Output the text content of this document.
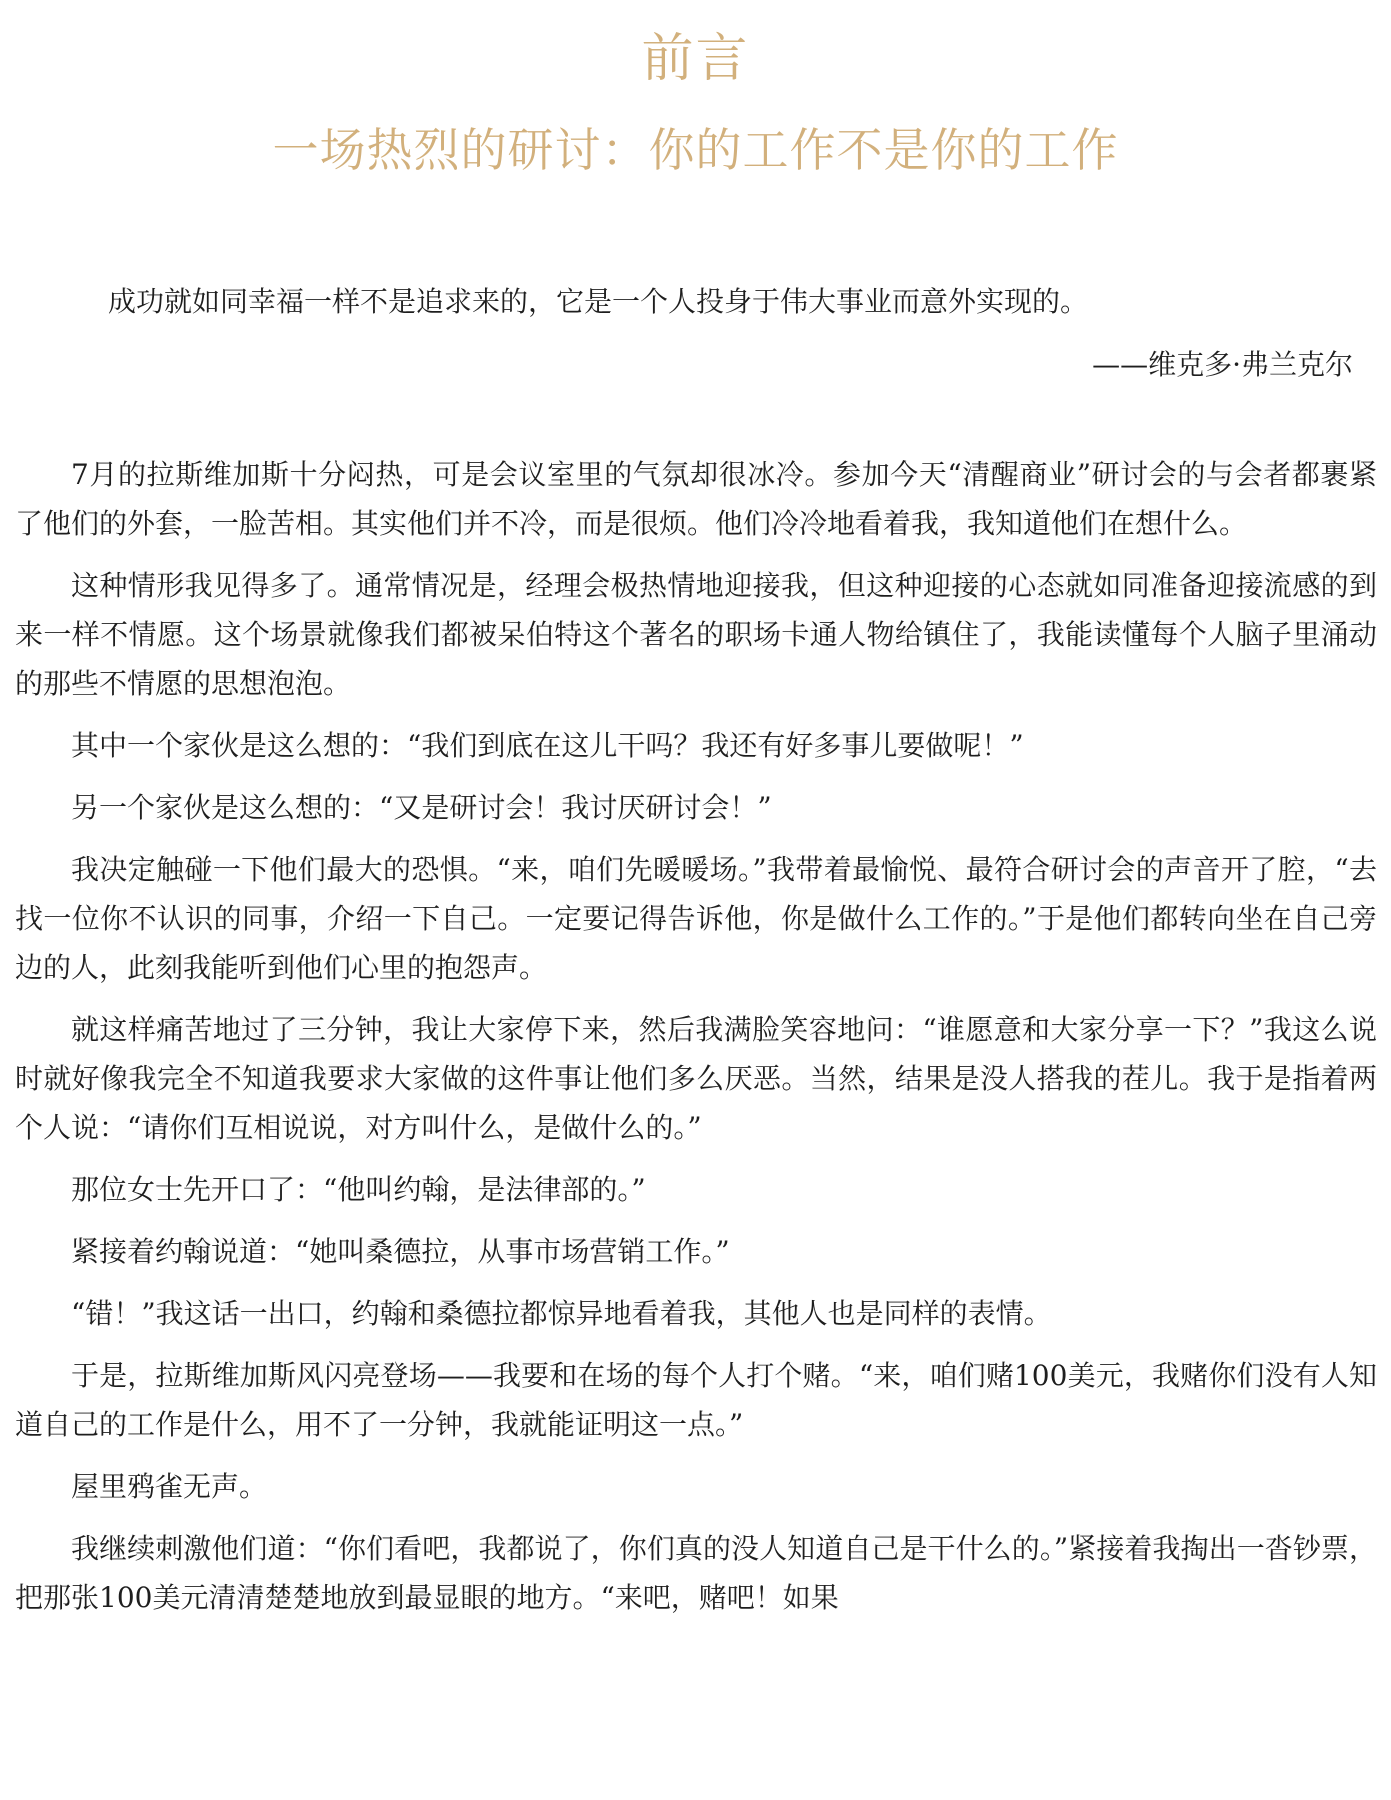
前言
一场热烈的研讨：你的工作不是你的工作
成功就如同幸福一样不是追求来的，它是一个人投身于伟大事业而意外实现的。
——维克多·弗兰克尔

7月的拉斯维加斯十分闷热，可是会议室里的气氛却很冰冷。参加今天“清醒商业”研讨会的与会者都裹紧了他们的外套，一脸苦相。其实他们并不冷，而是很烦。他们冷冷地看着我，我知道他们在想什么。

这种情形我见得多了。通常情况是，经理会极热情地迎接我，但这种迎接的心态就如同准备迎接流感的到来一样不情愿。这个场景就像我们都被呆伯特这个著名的职场卡通人物给镇住了，我能读懂每个人脑子里涌动的那些不情愿的思想泡泡。

其中一个家伙是这么想的：“我们到底在这儿干吗？我还有好多事儿要做呢！”

另一个家伙是这么想的：“又是研讨会！我讨厌研讨会！”

我决定触碰一下他们最大的恐惧。“来，咱们先暖暖场。”我带着最愉悦、最符合研讨会的声音开了腔，“去找一位你不认识的同事，介绍一下自己。一定要记得告诉他，你是做什么工作的。”于是他们都转向坐在自己旁边的人，此刻我能听到他们心里的抱怨声。

就这样痛苦地过了三分钟，我让大家停下来，然后我满脸笑容地问：“谁愿意和大家分享一下？”我这么说时就好像我完全不知道我要求大家做的这件事让他们多么厌恶。当然，结果是没人搭我的茬儿。我于是指着两个人说：“请你们互相说说，对方叫什么，是做什么的。”

那位女士先开口了：“他叫约翰，是法律部的。”

紧接着约翰说道：“她叫桑德拉，从事市场营销工作。”

“错！”我这话一出口，约翰和桑德拉都惊异地看着我，其他人也是同样的表情。

于是，拉斯维加斯风闪亮登场——我要和在场的每个人打个赌。“来，咱们赌100美元，我赌你们没有人知道自己的工作是什么，用不了一分钟，我就能证明这一点。”

屋里鸦雀无声。

我继续刺激他们道：“你们看吧，我都说了，你们真的没人知道自己是干什么的。”紧接着我掏出一沓钞票，把那张100美元清清楚楚地放到最显眼的地方。“来吧，赌吧！如果
